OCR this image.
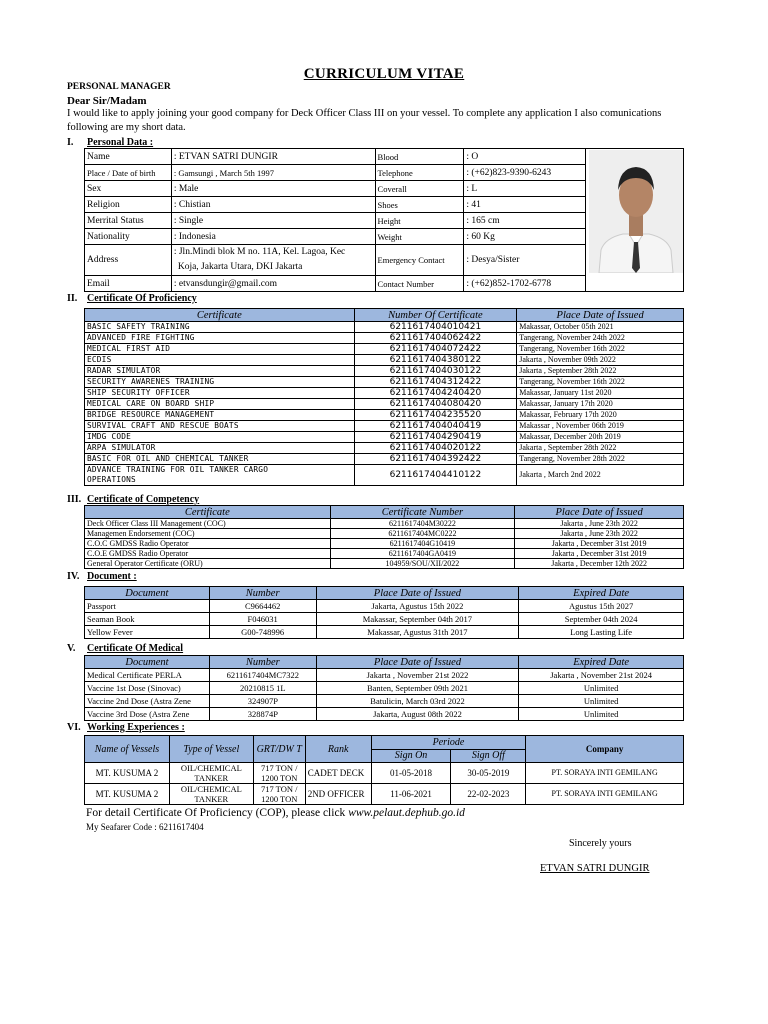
CURRICULUM VITAE
PERSONAL MANAGER
Dear Sir/Madam
I would like to apply joining your good company for Deck Officer Class III on your vessel. To complete any application I also comunications following are my short data.
I. Personal Data :
Name	: ETVAN SATRI DUNGIR	Blood	: O	
Place / Date of birth	: Gamsungi , March 5th 1997	Telephone	: (+62)823-9390-6243	
Sex	: Male	Coverall	: L	
Religion	: Chistian	Shoes	: 41	
Merrital Status	: Single	Height	: 165 cm	
Nationality	: Indonesia	Weight	: 60 Kg	
Address	: Jln.Mindi blok M no. 11A, Kel. Lagoa, Kec
Koja, Jakarta Utara, DKI Jakarta	Emergency Contact	: Desya/Sister	
Email	: etvansdungir@gmail.com	Contact Number	: (+62)852-1702-6778	
II. Certificate Of Proficiency
Certificate	Number Of Certificate	Place Date of Issued

BASIC SAFETY TRAINING	6211617404010421	Makassar, October 05th 2021

ADVANCED FIRE FIGHTING	6211617404062422	Tangerang, November 24th 2022

MEDICAL FIRST AID	6211617404072422	Tangerang, November 16th 2022

ECDIS	6211617404380122	Jakarta , November 09th 2022

RADAR SIMULATOR	6211617404030122	Jakarta , September 28th 2022

SECURITY AWARENES TRAINING	6211617404312422	Tangerang, November 16th 2022

SHIP SECURITY OFFICER	6211617404240420	Makassar, January 11st 2020

MEDICAL CARE ON BOARD SHIP	6211617404080420	Makassar, January 17th 2020

BRIDGE RESOURCE MANAGEMENT	6211617404235520	Makassar, February 17th 2020

SURVIVAL CRAFT AND RESCUE BOATS	6211617404040419	Makassar , November 06th 2019

IMDG CODE	6211617404290419	Makassar, December 20th 2019

ARPA SIMULATOR	6211617404020122	Jakarta , September 28th 2022

BASIC FOR OIL AND CHEMICAL TANKER	6211617404392422	Tangerang, November 28th 2022

ADVANCE TRAINING FOR OIL TANKER CARGO
OPERATIONS	6211617404410122	Jakarta , March 2nd 2022
III. Certificate of Competency
Certificate	Certificate Number	Place Date of Issued
Deck Officer Class III Management (COC)	6211617404M30222	Jakarta , June 23th 2022
Managemen Endorsement (COC)	6211617404MC0222	Jakarta , June 23th 2022
C.O.C GMDSS Radio Operator	6211617404G10419	Jakarta , December 31st 2019
C.O.E GMDSS Radio Operator	6211617404GA0419	Jakarta , December 31st 2019
General Operator Certificate (ORU)	104959/SOU/XII/2022	Jakarta , December 12th 2022
IV. Document :
Document	Number	Place Date of Issued	Expired Date
Passport	C9664462	Jakarta, Agustus 15th 2022	Agustus 15th 2027
Seaman Book	F046031	Makassar, September 04th 2017	September 04th 2024
Yellow Fever	G00-748996	Makassar, Agustus 31th 2017	Long Lasting Life
V. Certificate Of Medical
Document	Number	Place Date of Issued	Expired Date
Medical Certificate PERLA	6211617404MC7322	Jakarta , November 21st 2022	Jakarta , November 21st 2024
Vaccine 1st Dose (Sinovac)	20210815 1L	Banten, September 09th 2021	Unlimited
Vaccine 2nd Dose (Astra Zene	324907P	Batulicin, March 03rd 2022	Unlimited
Vaccine 3rd Dose (Astra Zene	328874P	Jakarta, August 08th 2022	Unlimited
VI. Working Experiences :
Name of Vessels	Type of Vessel	GRT/DW T	Rank	Periode		Company
				Sign On	Sign Off	
MT. KUSUMA 2	OIL/CHEMICAL TANKER	717 TON / 1200 TON	CADET DECK	01-05-2018	30-05-2019	PT. SORAYA INTI GEMILANG
MT. KUSUMA 2	OIL/CHEMICAL TANKER	717 TON / 1200 TON	2ND OFFICER	11-06-2021	22-02-2023	PT. SORAYA INTI GEMILANG
For detail Certificate Of Proficiency (COP), please click www.pelaut.dephub.go.id
My Seafarer Code : 6211617404
Sincerely yours
ETVAN SATRI DUNGIR
